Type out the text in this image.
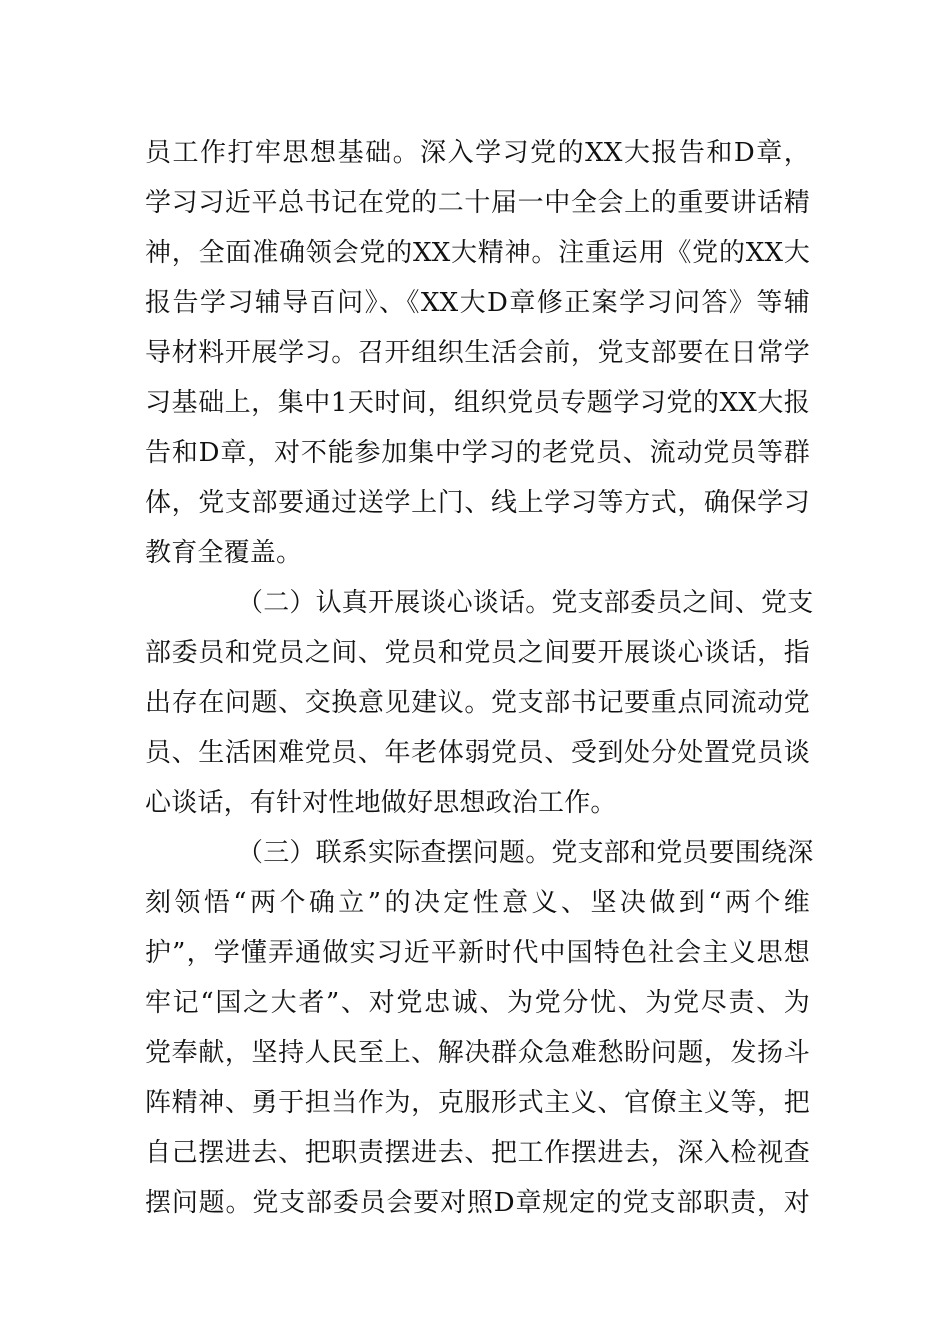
员工作打牢思想基础。深入学习党的XX大报告和D章，
学习习近平总书记在党的二十届一中全会上的重要讲话精
神，全面准确领会党的XX大精神。注重运用《党的XX大
报告学习辅导百问》、《XX大D章修正案学习问答》等辅
导材料开展学习。召开组织生活会前，党支部要在日常学
习基础上，集中1天时间，组织党员专题学习党的XX大报
告和D章，对不能参加集中学习的老党员、流动党员等群
体，党支部要通过送学上门、线上学习等方式，确保学习
教育全覆盖。
（二）认真开展谈心谈话。党支部委员之间、党支
部委员和党员之间、党员和党员之间要开展谈心谈话，指
出存在问题、交换意见建议。党支部书记要重点同流动党
员、生活困难党员、年老体弱党员、受到处分处置党员谈
心谈话，有针对性地做好思想政治工作。
（三）联系实际查摆问题。党支部和党员要围绕深
刻领悟“两个确立”的决定性意义、坚决做到“两个维
护”，学懂弄通做实习近平新时代中国特色社会主义思想
牢记“国之大者”、对党忠诚、为党分忧、为党尽责、为
党奉献，坚持人民至上、解决群众急难愁盼问题，发扬斗
阵精神、勇于担当作为，克服形式主义、官僚主义等，把
自己摆进去、把职责摆进去、把工作摆进去，深入检视查
摆问题。党支部委员会要对照D章规定的党支部职责，对
